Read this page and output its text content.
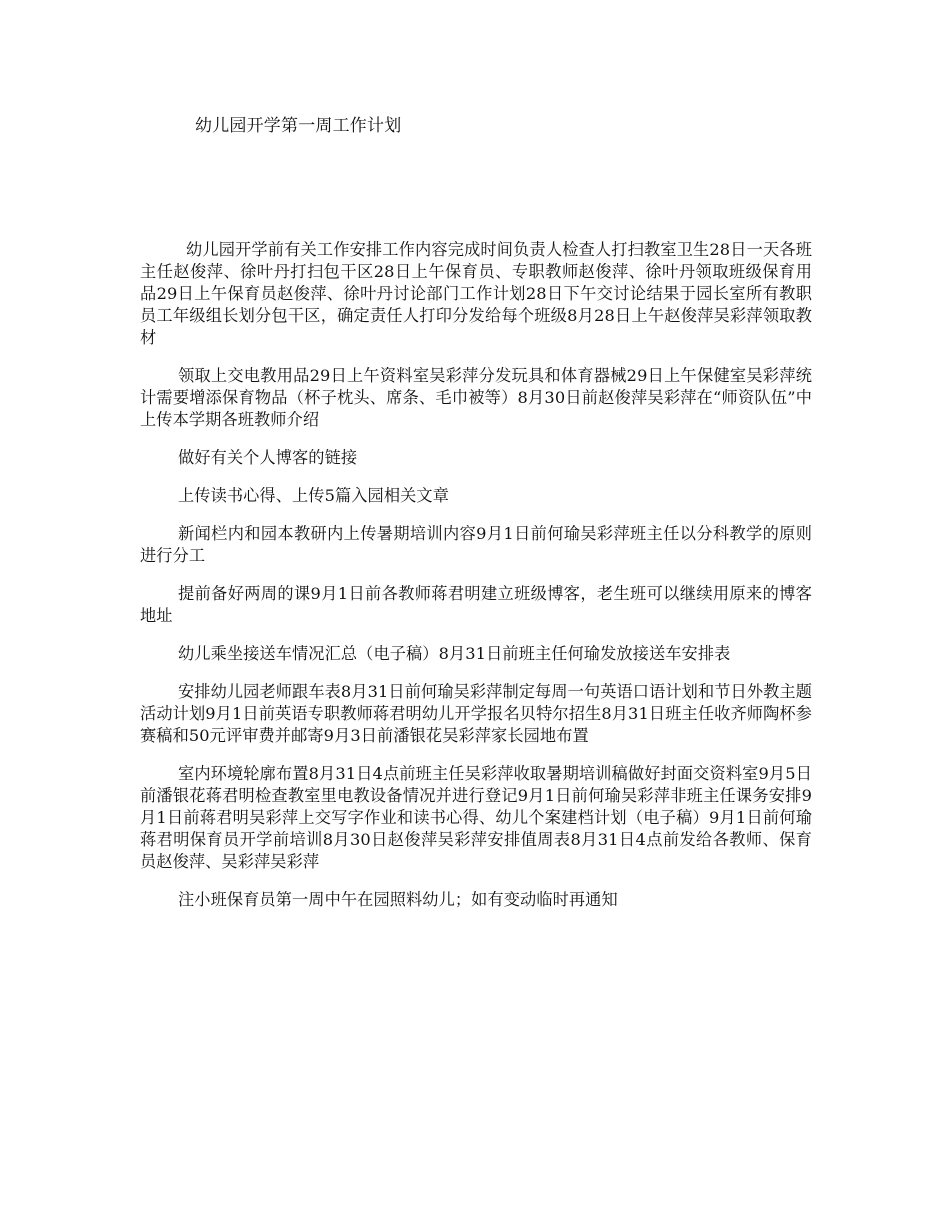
幼儿园开学第一周工作计划

幼儿园开学前有关工作安排工作内容完成时间负责人检查人打扫教室卫生28日一天各班主任赵俊萍、徐叶丹打扫包干区28日上午保育员、专职教师赵俊萍、徐叶丹领取班级保育用品29日上午保育员赵俊萍、徐叶丹讨论部门工作计划28日下午交讨论结果于园长室所有教职员工年级组长划分包干区，确定责任人打印分发给每个班级8月28日上午赵俊萍吴彩萍领取教材

领取上交电教用品29日上午资料室吴彩萍分发玩具和体育器械29日上午保健室吴彩萍统计需要增添保育物品（杯子枕头、席条、毛巾被等）8月30日前赵俊萍吴彩萍在“师资队伍”中上传本学期各班教师介绍

做好有关个人博客的链接

上传读书心得、上传5篇入园相关文章

新闻栏内和园本教研内上传暑期培训内容9月1日前何瑜吴彩萍班主任以分科教学的原则进行分工

提前备好两周的课9月1日前各教师蒋君明建立班级博客，老生班可以继续用原来的博客地址

幼儿乘坐接送车情况汇总（电子稿）8月31日前班主任何瑜发放接送车安排表

安排幼儿园老师跟车表8月31日前何瑜吴彩萍制定每周一句英语口语计划和节日外教主题活动计划9月1日前英语专职教师蒋君明幼儿开学报名贝特尔招生8月31日班主任收齐师陶杯参赛稿和50元评审费并邮寄9月3日前潘银花吴彩萍家长园地布置

室内环境轮廓布置8月31日4点前班主任吴彩萍收取暑期培训稿做好封面交资料室9月5日前潘银花蒋君明检查教室里电教设备情况并进行登记9月1日前何瑜吴彩萍非班主任课务安排9月1日前蒋君明吴彩萍上交写字作业和读书心得、幼儿个案建档计划（电子稿）9月1日前何瑜蒋君明保育员开学前培训8月30日赵俊萍吴彩萍安排值周表8月31日4点前发给各教师、保育员赵俊萍、吴彩萍吴彩萍

注小班保育员第一周中午在园照料幼儿；如有变动临时再通知
